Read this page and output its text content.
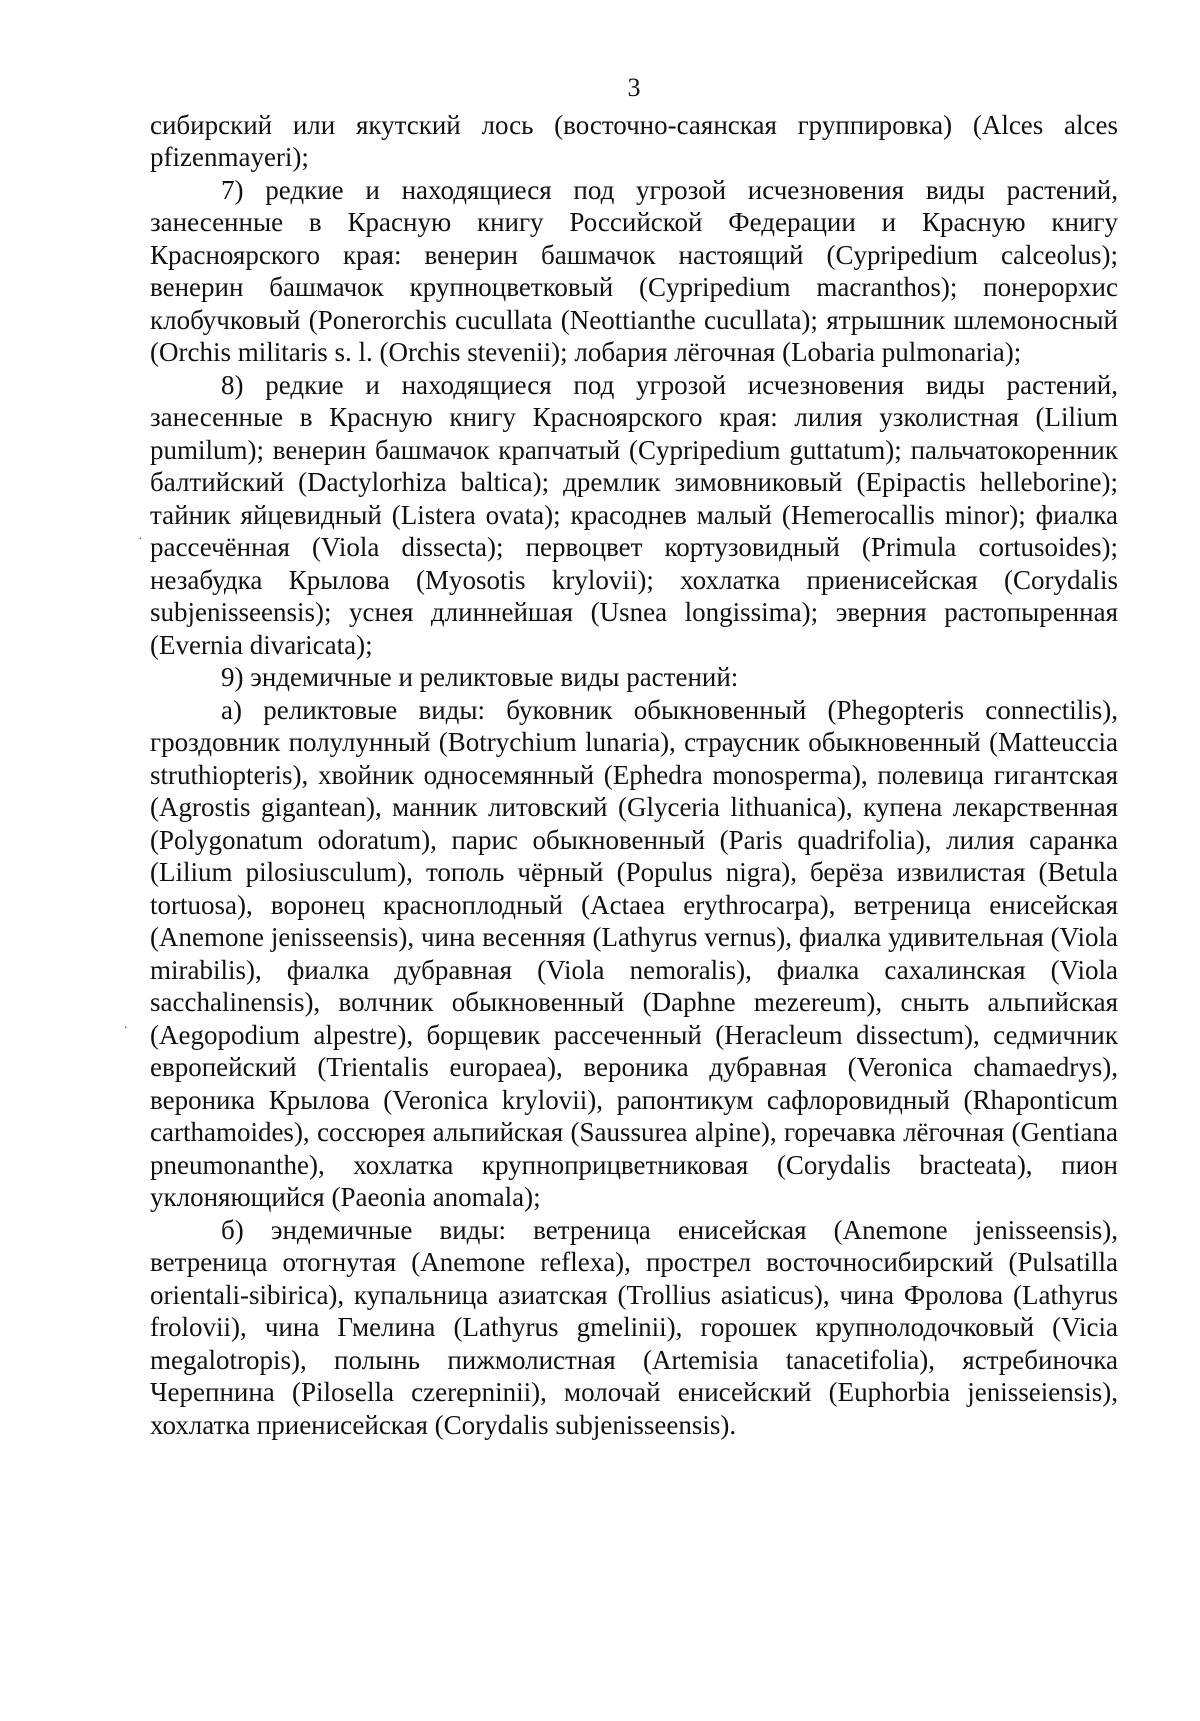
3

сибирский или якутский лось (восточно-саянская группировка) (Alces alces pfizenmayeri);

7) редкие и находящиеся под угрозой исчезновения виды растений, занесенные в Красную книгу Российской Федерации и Красную книгу Красноярского края: венерин башмачок настоящий (Cypripedium calceolus); венерин башмачок крупноцветковый (Cypripedium macranthos); понерорхис клобучковый (Ponerorchis cucullata (Neottianthe cucullata); ятрышник шлемоносный (Orchis militaris s. l. (Orchis stevenii); лобария лёгочная (Lobaria pulmonaria);

8) редкие и находящиеся под угрозой исчезновения виды растений, занесенные в Красную книгу Красноярского края: лилия узколистная (Lilium pumilum); венерин башмачок крапчатый (Cypripedium guttatum); пальчатокоренник балтийский (Dactylorhiza baltica); дремлик зимовниковый (Epipactis helleborine); тайник яйцевидный (Listera ovata); красоднев малый (Hemerocallis minor); фиалка рассечённая (Viola dissecta); первоцвет кортузовидный (Primula cortusoides); незабудка Крылова (Myosotis krylovii); хохлатка приенисейская (Corydalis subjenisseensis); уснея длиннейшая (Usnea longissima); эверния растопыренная (Evernia divaricata);

9) эндемичные и реликтовые виды растений:

а) реликтовые виды: буковник обыкновенный (Phegopteris connectilis), гроздовник полулунный (Botrychium lunaria), страусник обыкновенный (Matteuccia struthiopteris), хвойник односемянный (Ephedra monosperma), полевица гигантская (Agrostis gigantean), манник литовский (Glyceria lithuanica), купена лекарственная (Polygonatum odoratum), парис обыкновенный (Paris quadrifolia), лилия саранка (Lilium pilosiusculum), тополь чёрный (Populus nigra), берёза извилистая (Betula tortuosa), воронец красноплодный (Actaea erythrocarpa), ветреница енисейская (Anemone jenisseensis), чина весенняя (Lathyrus vernus), фиалка удивительная (Viola mirabilis), фиалка дубравная (Viola nemoralis), фиалка сахалинская (Viola sacchalinensis), волчник обыкновенный (Daphne mezereum), сныть альпийская (Aegopodium alpestre), борщевик рассеченный (Heracleum dissectum), седмичник европейский (Trientalis europaea), вероника дубравная (Veronica chamaedrys), вероника Крылова (Veronica krylovii), рапонтикум сафлоровидный (Rhaponticum carthamoides), соссюрея альпийская (Saussurea alpine), горечавка лёгочная (Gentiana pneumonanthe), хохлатка крупноприцветниковая (Corydalis bracteata), пион уклоняющийся (Paeonia anomala);

б) эндемичные виды: ветреница енисейская (Anemone jenisseensis), ветреница отогнутая (Anemone reflexa), прострел восточносибирский (Pulsatilla orientali-sibirica), купальница азиатская (Trollius asiaticus), чина Фролова (Lathyrus frolovii), чина Гмелина (Lathyrus gmelinii), горошек крупнолодочковый (Vicia megalotropis), полынь пижмолистная (Artemisia tanacetifolia), ястребиночка Черепнина (Pilosella czerepninii), молочай енисейский (Euphorbia jenisseiensis), хохлатка приенисейская (Corydalis subjenisseensis).

·
.
